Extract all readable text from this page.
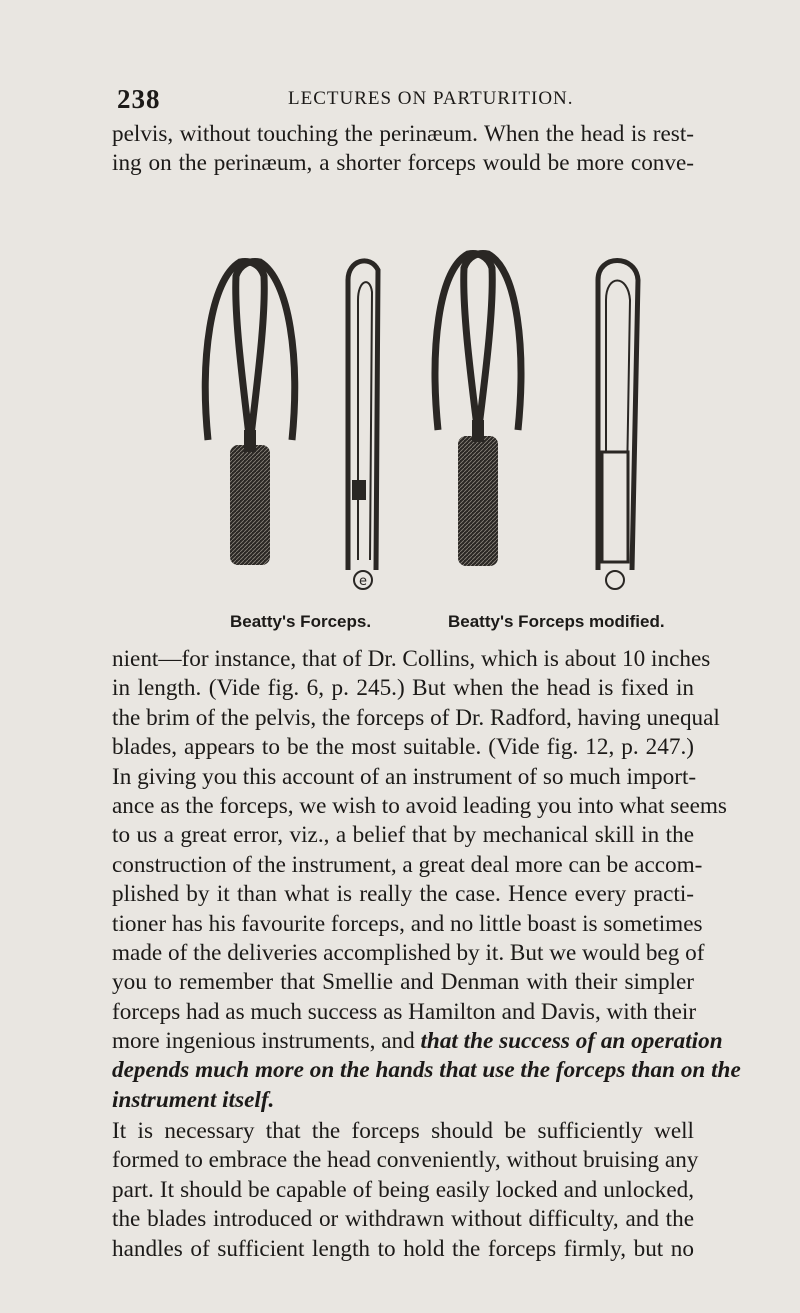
238	LECTURES ON PARTURITION.
pelvis, without touching the perinæum. When the head is rest-
ing on the perinæum, a shorter forceps would be more conve-
e
Beatty's Forceps.	Beatty's Forceps modified.
nient—for instance, that of Dr. Collins, which is about 10 inches
in length. (Vide fig. 6, p. 245.) But when the head is fixed in
the brim of the pelvis, the forceps of Dr. Radford, having unequal
blades, appears to be the most suitable. (Vide fig. 12, p. 247.)
In giving you this account of an instrument of so much import-
ance as the forceps, we wish to avoid leading you into what seems
to us a great error, viz., a belief that by mechanical skill in the
construction of the instrument, a great deal more can be accom-
plished by it than what is really the case. Hence every practi-
tioner has his favourite forceps, and no little boast is sometimes
made of the deliveries accomplished by it. But we would beg of
you to remember that Smellie and Denman with their simpler
forceps had as much success as Hamilton and Davis, with their
more ingenious instruments, and that the success of an operation
depends much more on the hands that use the forceps than on the
instrument itself.
It is necessary that the forceps should be sufficiently well
formed to embrace the head conveniently, without bruising any
part. It should be capable of being easily locked and unlocked,
the blades introduced or withdrawn without difficulty, and the
handles of sufficient length to hold the forceps firmly, but no
